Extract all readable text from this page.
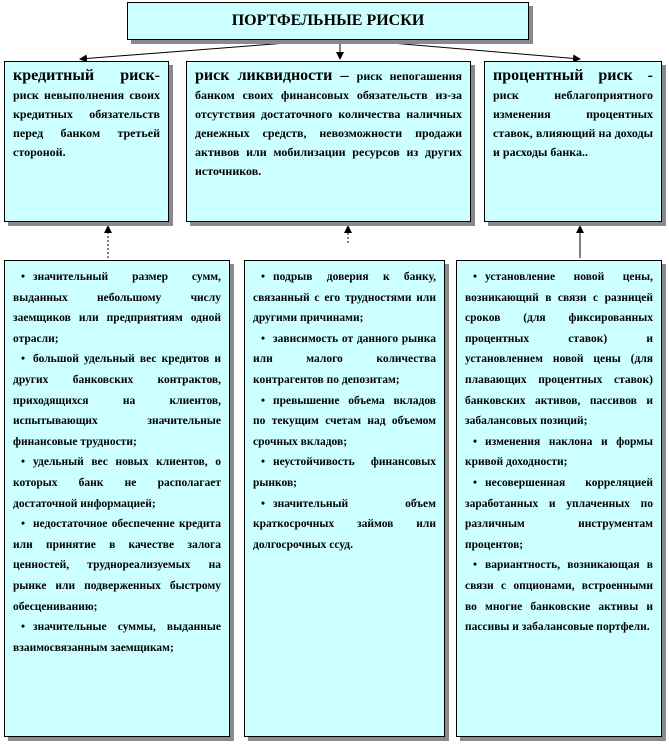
ПОРТФЕЛЬНЫЕ РИСКИ
кредитный риск- риск невыполнения своих кредитных обязательств перед банком третьей стороной.
риск ликвидности – риск непогашения банком своих финансовых обязательств из-за отсутствия достаточного количества наличных денежных средств, невозможности продажи активов или мобилизации ресурсов из других источников.
процентный риск - риск неблагоприятного изменения процентных ставок, влияющий на доходы и расходы банка..
• значительный размер сумм, выданных небольшому числу заемщиков или предприятиям одной отрасли;
• большой удельный вес кредитов и других банковских контрактов, приходящихся на клиентов, испытывающих значительные финансовые трудности;
• удельный вес новых клиентов, о которых банк не располагает достаточной информацией;
• недостаточное обеспечение кредита или принятие в качестве залога ценностей, труднореализуемых на рынке или подверженных быстрому обесцениванию;
• значительные суммы, выданные взаимосвязанным заемщикам;
• подрыв доверия к банку, связанный с его трудностями или другими причинами;
• зависимость от данного рынка или малого количества контрагентов по депозитам;
• превышение объема вкладов по текущим счетам над объемом срочных вкладов;
• неустойчивость финансовых рынков;
• значительный объем краткосрочных займов или долгосрочных ссуд.
• установление новой цены, возникающий в связи с разницей сроков (для фиксированных процентных ставок) и установлением новой цены (для плавающих процентных ставок) банковских активов, пассивов и забалансовых позиций;
• изменения наклона и формы кривой доходности;
• несовершенная корреляцией заработанных и уплаченных по различным инструментам процентов;
• вариантность, возникающая в связи с опционами, встроенными во многие банковские активы и пассивы и забалансовые портфели.
